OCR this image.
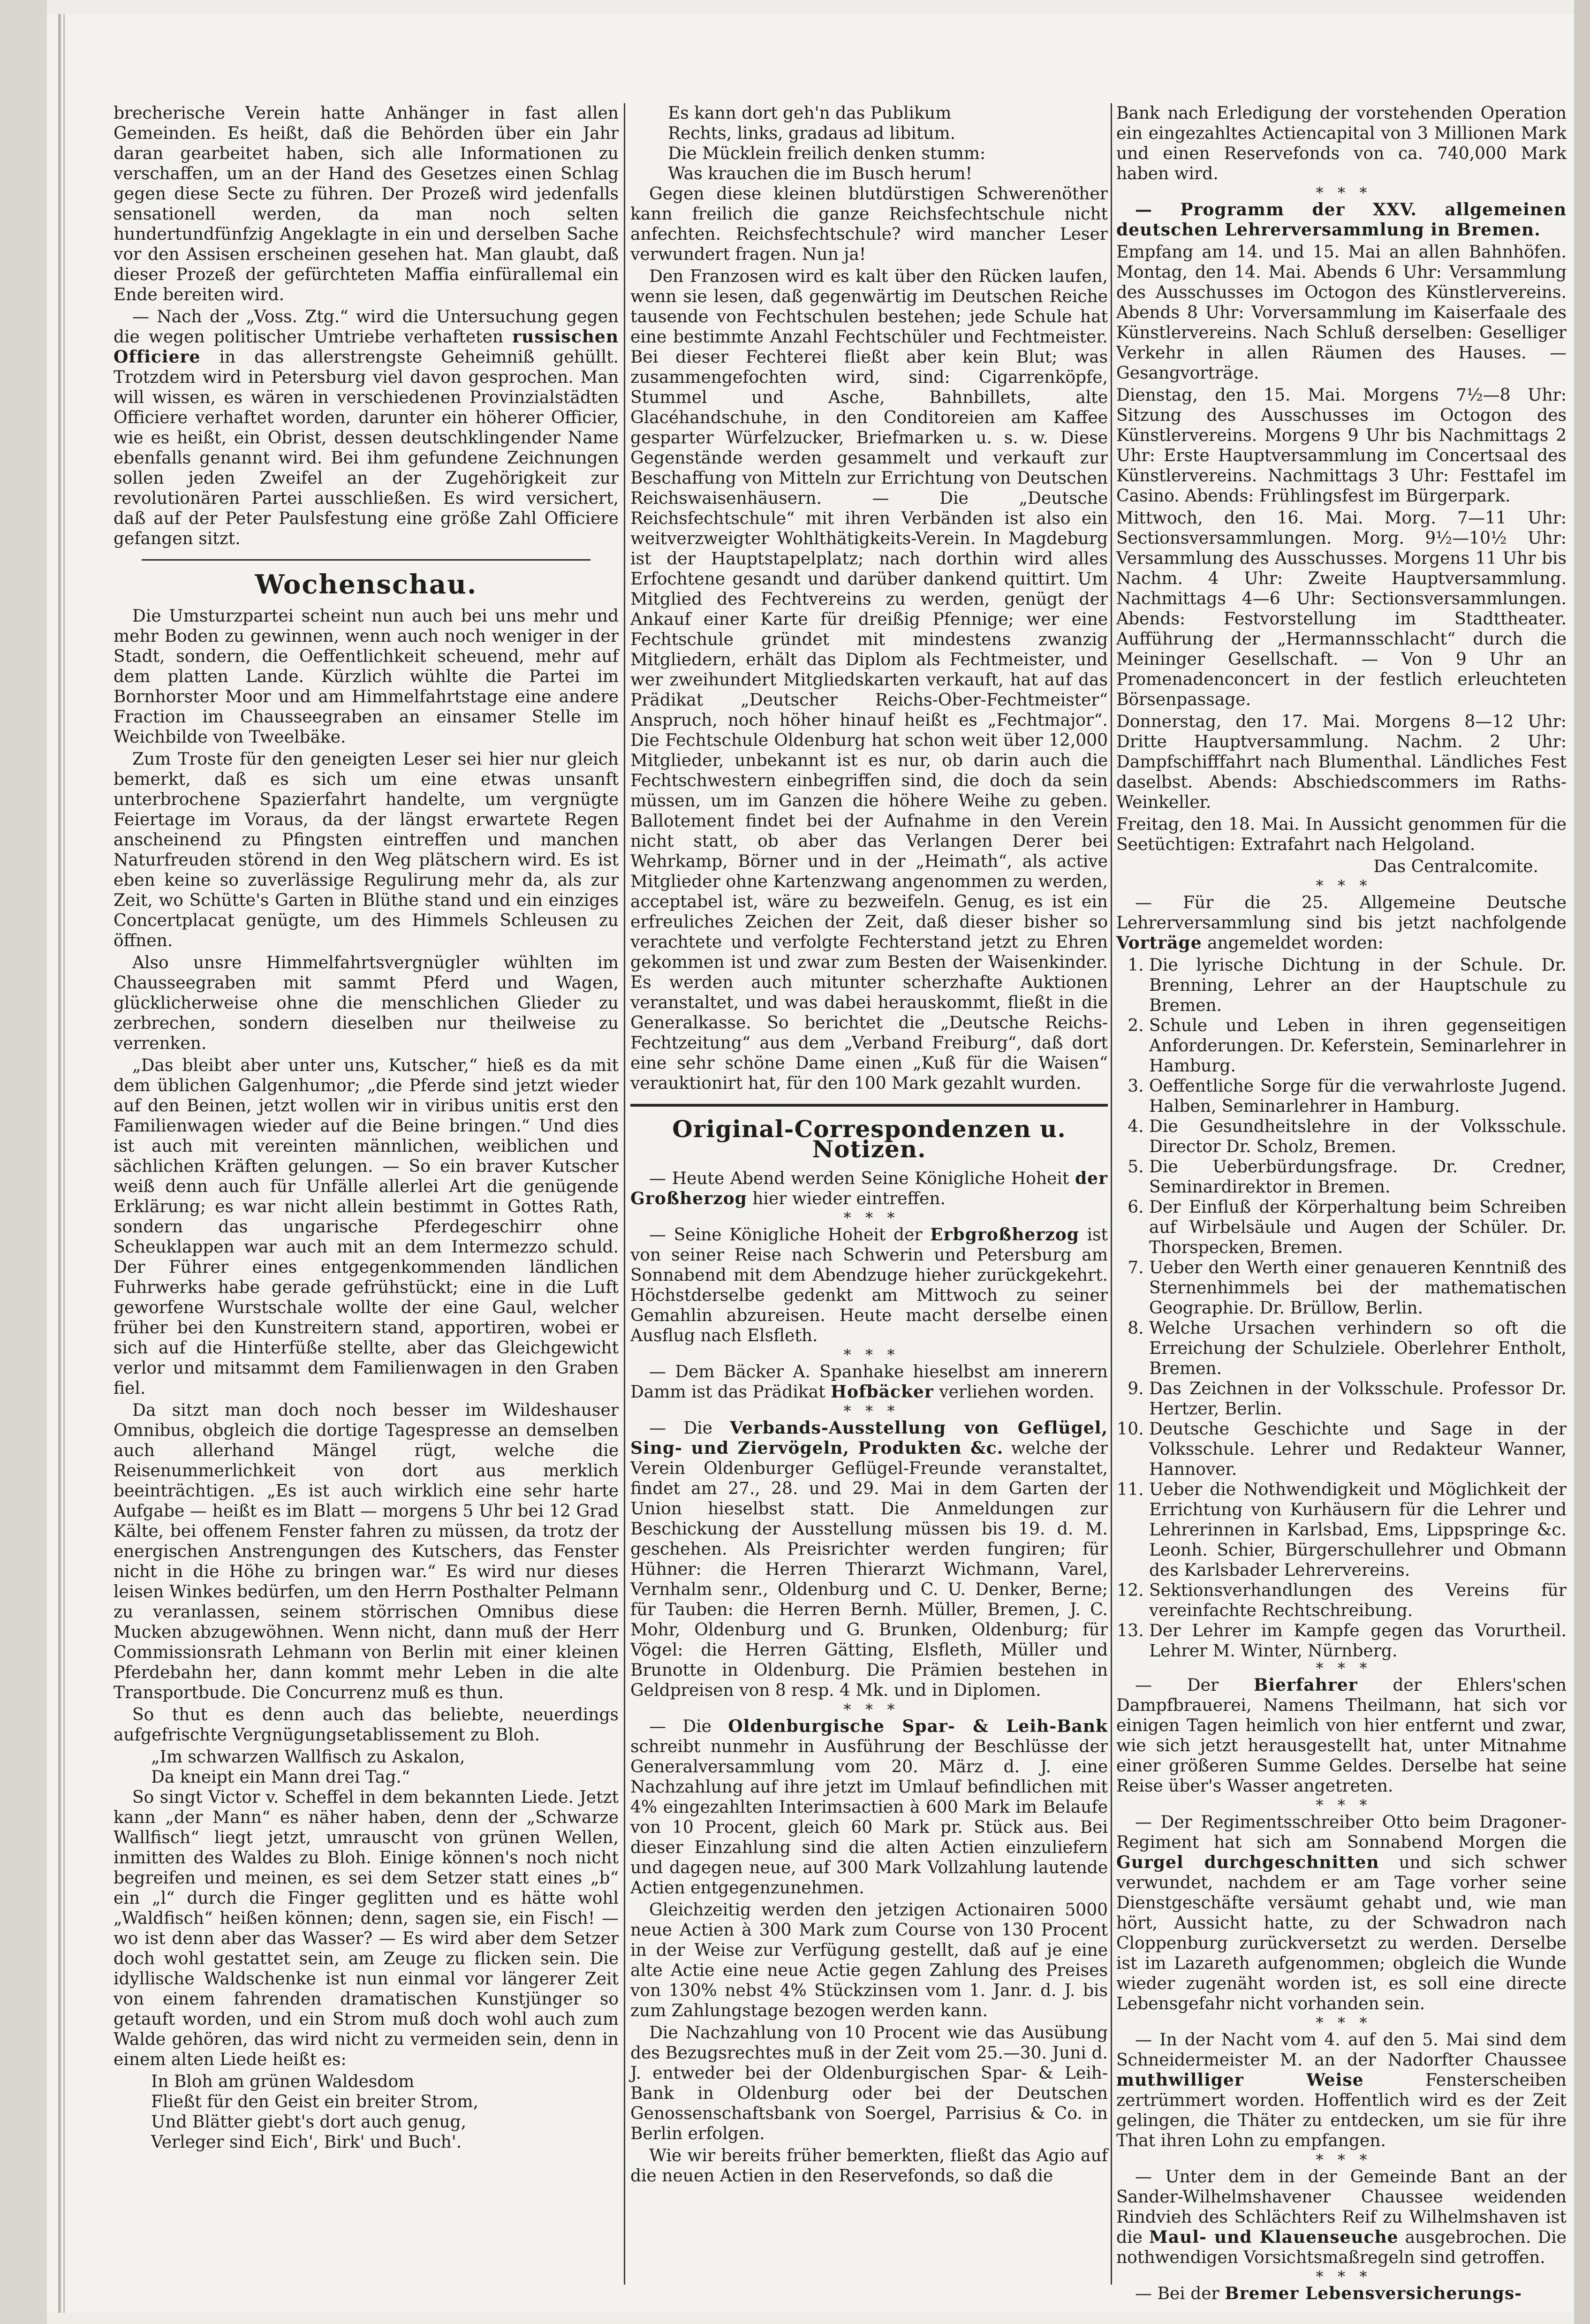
brecherische Verein hatte Anhänger in fast allen Gemeinden. Es heißt, daß die Behörden über ein Jahr daran gearbeitet haben, sich alle Informationen zu verschaffen, um an der Hand des Gesetzes einen Schlag gegen diese Secte zu führen. Der Prozeß wird jedenfalls sensationell werden, da man noch selten hundertundfünfzig Angeklagte in ein und derselben Sache vor den Assisen erscheinen gesehen hat. Man glaubt, daß dieser Prozeß der gefürchteten Maffia einfürallemal ein Ende bereiten wird.

— Nach der „Voss. Ztg.“ wird die Untersuchung gegen die wegen politischer Umtriebe verhafteten russischen Officiere in das allerstrengste Geheimniß gehüllt. Trotzdem wird in Petersburg viel davon gesprochen. Man will wissen, es wären in verschiedenen Provinzialstädten Officiere verhaftet worden, darunter ein höherer Officier, wie es heißt, ein Obrist, dessen deutschklingender Name ebenfalls genannt wird. Bei ihm gefundene Zeichnungen sollen jeden Zweifel an der Zugehörigkeit zur revolutionären Partei ausschließen. Es wird versichert, daß auf der Peter Paulsfestung eine größe Zahl Officiere gefangen sitzt.

Wochenschau.

Die Umsturzpartei scheint nun auch bei uns mehr und mehr Boden zu gewinnen, wenn auch noch weniger in der Stadt, sondern, die Oeffentlichkeit scheuend, mehr auf dem platten Lande. Kürzlich wühlte die Partei im Bornhorster Moor und am Himmelfahrtstage eine andere Fraction im Chausseegraben an einsamer Stelle im Weichbilde von Tweelbäke.

Zum Troste für den geneigten Leser sei hier nur gleich bemerkt, daß es sich um eine etwas unsanft unterbrochene Spazierfahrt handelte, um vergnügte Feiertage im Voraus, da der längst erwartete Regen anscheinend zu Pfingsten eintreffen und manchen Naturfreuden störend in den Weg plätschern wird. Es ist eben keine so zuverlässige Regulirung mehr da, als zur Zeit, wo Schütte's Garten in Blüthe stand und ein einziges Concertplacat genügte, um des Himmels Schleusen zu öffnen.

Also unsre Himmelfahrtsvergnügler wühlten im Chausseegraben mit sammt Pferd und Wagen, glücklicherweise ohne die menschlichen Glieder zu zerbrechen, sondern dieselben nur theilweise zu verrenken.

„Das bleibt aber unter uns, Kutscher,“ hieß es da mit dem üblichen Galgenhumor; „die Pferde sind jetzt wieder auf den Beinen, jetzt wollen wir in viribus unitis erst den Familienwagen wieder auf die Beine bringen.“ Und dies ist auch mit vereinten männlichen, weiblichen und sächlichen Kräften gelungen. — So ein braver Kutscher weiß denn auch für Unfälle allerlei Art die genügende Erklärung; es war nicht allein bestimmt in Gottes Rath, sondern das ungarische Pferdegeschirr ohne Scheuklappen war auch mit an dem Intermezzo schuld. Der Führer eines entgegenkommenden ländlichen Fuhrwerks habe gerade gefrühstückt; eine in die Luft geworfene Wurstschale wollte der eine Gaul, welcher früher bei den Kunstreitern stand, apportiren, wobei er sich auf die Hinterfüße stellte, aber das Gleichgewicht verlor und mitsammt dem Familienwagen in den Graben fiel.

Da sitzt man doch noch besser im Wildeshauser Omnibus, obgleich die dortige Tagespresse an demselben auch allerhand Mängel rügt, welche die Reisenummerlichkeit von dort aus merklich beeinträchtigen. „Es ist auch wirklich eine sehr harte Aufgabe — heißt es im Blatt — morgens 5 Uhr bei 12 Grad Kälte, bei offenem Fenster fahren zu müssen, da trotz der energischen Anstrengungen des Kutschers, das Fenster nicht in die Höhe zu bringen war.“ Es wird nur dieses leisen Winkes bedürfen, um den Herrn Posthalter Pelmann zu veranlassen, seinem störrischen Omnibus diese Mucken abzugewöhnen. Wenn nicht, dann muß der Herr Commissionsrath Lehmann von Berlin mit einer kleinen Pferdebahn her, dann kommt mehr Leben in die alte Transportbude. Die Concurrenz muß es thun.

So thut es denn auch das beliebte, neuerdings aufgefrischte Vergnügungsetablissement zu Bloh.

„Im schwarzen Wallfisch zu Askalon,

Da kneipt ein Mann drei Tag.“

So singt Victor v. Scheffel in dem bekannten Liede. Jetzt kann „der Mann“ es näher haben, denn der „Schwarze Wallfisch“ liegt jetzt, umrauscht von grünen Wellen, inmitten des Waldes zu Bloh. Einige können's noch nicht begreifen und meinen, es sei dem Setzer statt eines „b“ ein „l“ durch die Finger geglitten und es hätte wohl „Waldfisch“ heißen können; denn, sagen sie, ein Fisch! — wo ist denn aber das Wasser? — Es wird aber dem Setzer doch wohl gestattet sein, am Zeuge zu flicken sein. Die idyllische Waldschenke ist nun einmal vor längerer Zeit von einem fahrenden dramatischen Kunstjünger so getauft worden, und ein Strom muß doch wohl auch zum Walde gehören, das wird nicht zu vermeiden sein, denn in einem alten Liede heißt es:

In Bloh am grünen Waldesdom

Fließt für den Geist ein breiter Strom,

Und Blätter giebt's dort auch genug,

Verleger sind Eich', Birk' und Buch'.

Es kann dort geh'n das Publikum

Rechts, links, gradaus ad libitum.

Die Mücklein freilich denken stumm:

Was krauchen die im Busch herum!

Gegen diese kleinen blutdürstigen Schwerenöther kann freilich die ganze Reichsfechtschule nicht anfechten. Reichsfechtschule? wird mancher Leser verwundert fragen. Nun ja!

Den Franzosen wird es kalt über den Rücken laufen, wenn sie lesen, daß gegenwärtig im Deutschen Reiche tausende von Fechtschulen bestehen; jede Schule hat eine bestimmte Anzahl Fechtschüler und Fechtmeister. Bei dieser Fechterei fließt aber kein Blut; was zusammengefochten wird, sind: Cigarrenköpfe, Stummel und Asche, Bahnbillets, alte Glacéhandschuhe, in den Conditoreien am Kaffee gesparter Würfelzucker, Briefmarken u. s. w. Diese Gegenstände werden gesammelt und verkauft zur Beschaffung von Mitteln zur Errichtung von Deutschen Reichswaisenhäusern. — Die „Deutsche Reichsfechtschule“ mit ihren Verbänden ist also ein weitverzweigter Wohlthätigkeits-Verein. In Magdeburg ist der Hauptstapelplatz; nach dorthin wird alles Erfochtene gesandt und darüber dankend quittirt. Um Mitglied des Fechtvereins zu werden, genügt der Ankauf einer Karte für dreißig Pfennige; wer eine Fechtschule gründet mit mindestens zwanzig Mitgliedern, erhält das Diplom als Fechtmeister, und wer zweihundert Mitgliedskarten verkauft, hat auf das Prädikat „Deutscher Reichs-Ober-Fechtmeister“ Anspruch, noch höher hinauf heißt es „Fechtmajor“. Die Fechtschule Oldenburg hat schon weit über 12,000 Mitglieder, unbekannt ist es nur, ob darin auch die Fechtschwestern einbegriffen sind, die doch da sein müssen, um im Ganzen die höhere Weihe zu geben. Ballotement findet bei der Aufnahme in den Verein nicht statt, ob aber das Verlangen Derer bei Wehrkamp, Börner und in der „Heimath“, als active Mitglieder ohne Kartenzwang angenommen zu werden, acceptabel ist, wäre zu bezweifeln. Genug, es ist ein erfreuliches Zeichen der Zeit, daß dieser bisher so verachtete und verfolgte Fechterstand jetzt zu Ehren gekommen ist und zwar zum Besten der Waisenkinder. Es werden auch mitunter scherzhafte Auktionen veranstaltet, und was dabei herauskommt, fließt in die Generalkasse. So berichtet die „Deutsche Reichs-Fechtzeitung“ aus dem „Verband Freiburg“, daß dort eine sehr schöne Dame einen „Kuß für die Waisen“ verauktionirt hat, für den 100 Mark gezahlt wurden.

Original-Correspondenzen u. Notizen.

— Heute Abend werden Seine Königliche Hoheit der Großherzog hier wieder eintreffen.

*   *   *

— Seine Königliche Hoheit der Erbgroßherzog ist von seiner Reise nach Schwerin und Petersburg am Sonnabend mit dem Abendzuge hieher zurückgekehrt. Höchstderselbe gedenkt am Mittwoch zu seiner Gemahlin abzureisen. Heute macht derselbe einen Ausflug nach Elsfleth.

*   *   *

— Dem Bäcker A. Spanhake hieselbst am innerern Damm ist das Prädikat Hofbäcker verliehen worden.

*   *   *

— Die Verbands-Ausstellung von Geflügel, Sing- und Ziervögeln, Produkten &c. welche der Verein Oldenburger Geflügel-Freunde veranstaltet, findet am 27., 28. und 29. Mai in dem Garten der Union hieselbst statt. Die Anmeldungen zur Beschickung der Ausstellung müssen bis 19. d. M. geschehen. Als Preisrichter werden fungiren; für Hühner: die Herren Thierarzt Wichmann, Varel, Vernhalm senr., Oldenburg und C. U. Denker, Berne; für Tauben: die Herren Bernh. Müller, Bremen, J. C. Mohr, Oldenburg und G. Brunken, Oldenburg; für Vögel: die Herren Gätting, Elsfleth, Müller und Brunotte in Oldenburg. Die Prämien bestehen in Geldpreisen von 8 resp. 4 Mk. und in Diplomen.

*   *   *

— Die Oldenburgische Spar- & Leih-Bank schreibt nunmehr in Ausführung der Beschlüsse der Generalversammlung vom 20. März d. J. eine Nachzahlung auf ihre jetzt im Umlauf befindlichen mit 4% eingezahlten Interimsactien à 600 Mark im Belaufe von 10 Procent, gleich 60 Mark pr. Stück aus. Bei dieser Einzahlung sind die alten Actien einzuliefern und dagegen neue, auf 300 Mark Vollzahlung lautende Actien entgegenzunehmen.

Gleichzeitig werden den jetzigen Actionairen 5000 neue Actien à 300 Mark zum Course von 130 Procent in der Weise zur Verfügung gestellt, daß auf je eine alte Actie eine neue Actie gegen Zahlung des Preises von 130% nebst 4% Stückzinsen vom 1. Janr. d. J. bis zum Zahlungstage bezogen werden kann.

Die Nachzahlung von 10 Procent wie das Ausübung des Bezugsrechtes muß in der Zeit vom 25.—30. Juni d. J. entweder bei der Oldenburgischen Spar- & Leih-Bank in Oldenburg oder bei der Deutschen Genossenschaftsbank von Soergel, Parrisius & Co. in Berlin erfolgen.

Wie wir bereits früher bemerkten, fließt das Agio auf die neuen Actien in den Reservefonds, so daß die

Bank nach Erledigung der vorstehenden Operation ein eingezahltes Actiencapital von 3 Millionen Mark und einen Reservefonds von ca. 740,000 Mark haben wird.

*   *   *

— Programm der XXV. allgemeinen deutschen Lehrerversammlung in Bremen.

Empfang am 14. und 15. Mai an allen Bahnhöfen. Montag, den 14. Mai. Abends 6 Uhr: Versammlung des Ausschusses im Octogon des Künstlervereins. Abends 8 Uhr: Vorversammlung im Kaiserfaale des Künstlervereins. Nach Schluß derselben: Geselliger Verkehr in allen Räumen des Hauses. — Gesangvorträge.

Dienstag, den 15. Mai. Morgens 7½—8 Uhr: Sitzung des Ausschusses im Octogon des Künstlervereins. Morgens 9 Uhr bis Nachmittags 2 Uhr: Erste Hauptversammlung im Concertsaal des Künstlervereins. Nachmittags 3 Uhr: Festtafel im Casino. Abends: Frühlingsfest im Bürgerpark.

Mittwoch, den 16. Mai. Morg. 7—11 Uhr: Sectionsversammlungen. Morg. 9½—10½ Uhr: Versammlung des Ausschusses. Morgens 11 Uhr bis Nachm. 4 Uhr: Zweite Hauptversammlung. Nachmittags 4—6 Uhr: Sectionsversammlungen. Abends: Festvorstellung im Stadttheater. Aufführung der „Hermannsschlacht“ durch die Meininger Gesellschaft. — Von 9 Uhr an Promenadenconcert in der festlich erleuchteten Börsenpassage.

Donnerstag, den 17. Mai. Morgens 8—12 Uhr: Dritte Hauptversammlung. Nachm. 2 Uhr: Dampfschifffahrt nach Blumenthal. Ländliches Fest daselbst. Abends: Abschiedscommers im Raths-Weinkeller.

Freitag, den 18. Mai. In Aussicht genommen für die Seetüchtigen: Extrafahrt nach Helgoland.

Das Centralcomite.

*   *   *

— Für die 25. Allgemeine Deutsche Lehrerversammlung sind bis jetzt nachfolgende Vorträge angemeldet worden:

1. Die lyrische Dichtung in der Schule. Dr. Brenning, Lehrer an der Hauptschule zu Bremen.
2. Schule und Leben in ihren gegenseitigen Anforderungen. Dr. Keferstein, Seminarlehrer in Hamburg.
3. Oeffentliche Sorge für die verwahrloste Jugend. Halben, Seminarlehrer in Hamburg.
4. Die Gesundheitslehre in der Volksschule. Director Dr. Scholz, Bremen.
5. Die Ueberbürdungsfrage. Dr. Credner, Seminardirektor in Bremen.
6. Der Einfluß der Körperhaltung beim Schreiben auf Wirbelsäule und Augen der Schüler. Dr. Thorspecken, Bremen.
7. Ueber den Werth einer genaueren Kenntniß des Sternenhimmels bei der mathematischen Geographie. Dr. Brüllow, Berlin.
8. Welche Ursachen verhindern so oft die Erreichung der Schulziele. Oberlehrer Entholt, Bremen.
9. Das Zeichnen in der Volksschule. Professor Dr. Hertzer, Berlin.
10. Deutsche Geschichte und Sage in der Volksschule. Lehrer und Redakteur Wanner, Hannover.
11. Ueber die Nothwendigkeit und Möglichkeit der Errichtung von Kurhäusern für die Lehrer und Lehrerinnen in Karlsbad, Ems, Lippspringe &c. Leonh. Schier, Bürgerschullehrer und Obmann des Karlsbader Lehrervereins.
12. Sektionsverhandlungen des Vereins für vereinfachte Rechtschreibung.
13. Der Lehrer im Kampfe gegen das Vorurtheil. Lehrer M. Winter, Nürnberg.
*   *   *

— Der Bierfahrer der Ehlers'schen Dampfbrauerei, Namens Theilmann, hat sich vor einigen Tagen heimlich von hier entfernt und zwar, wie sich jetzt herausgestellt hat, unter Mitnahme einer größeren Summe Geldes. Derselbe hat seine Reise über's Wasser angetreten.

*   *   *

— Der Regimentsschreiber Otto beim Dragoner-Regiment hat sich am Sonnabend Morgen die Gurgel durchgeschnitten und sich schwer verwundet, nachdem er am Tage vorher seine Dienstgeschäfte versäumt gehabt und, wie man hört, Aussicht hatte, zu der Schwadron nach Cloppenburg zurückversetzt zu werden. Derselbe ist im Lazareth aufgenommen; obgleich die Wunde wieder zugenäht worden ist, es soll eine directe Lebensgefahr nicht vorhanden sein.

*   *   *

— In der Nacht vom 4. auf den 5. Mai sind dem Schneidermeister M. an der Nadorfter Chaussee muthwilliger Weise	Fensterscheiben zertrümmert worden. Hoffentlich wird es der Zeit gelingen, die Thäter zu entdecken, um sie für ihre That ihren Lohn zu empfangen.

*   *   *

— Unter dem in der Gemeinde Bant an der Sander-Wilhelmshavener Chaussee weidenden Rindvieh des Schlächters Reif zu Wilhelmshaven ist die Maul- und Klauenseuche ausgebrochen. Die nothwendigen Vorsichtsmaßregeln sind getroffen.

*   *   *

— Bei der Bremer Lebensversicherungs-
